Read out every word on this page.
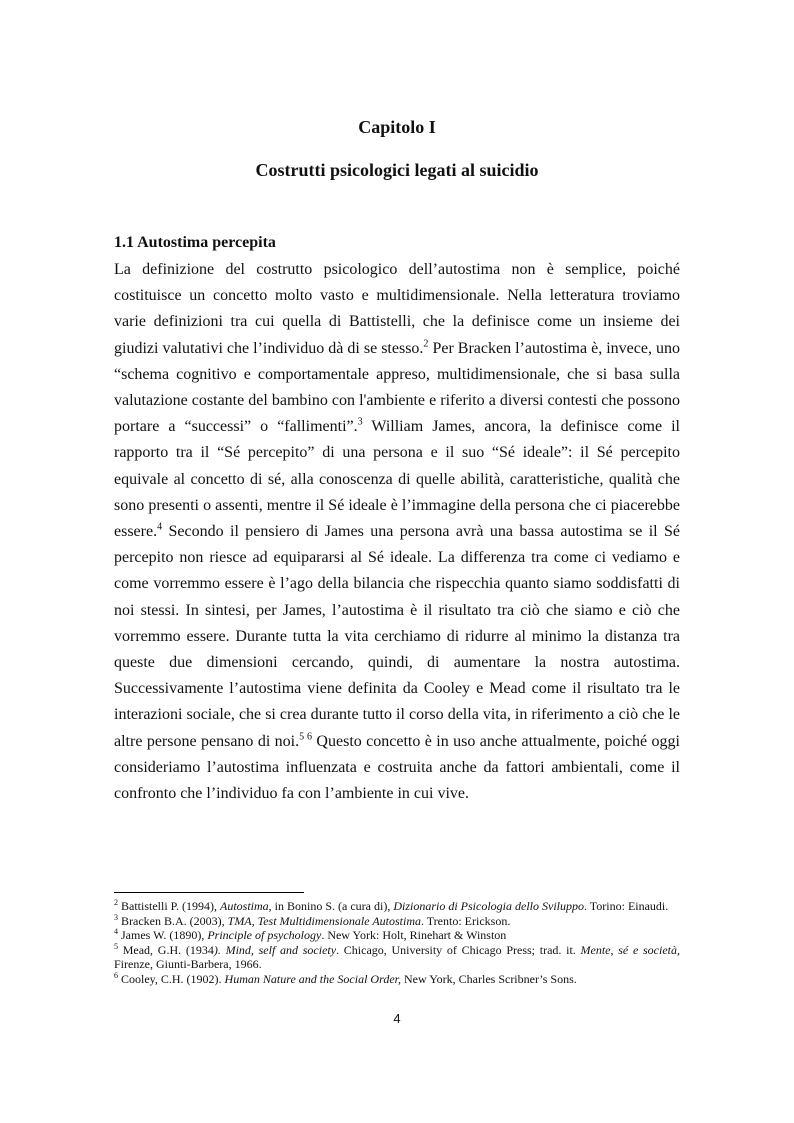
Capitolo I
Costrutti psicologici legati al suicidio
1.1 Autostima percepita

La definizione del costrutto psicologico dell’autostima non è semplice, poiché costituisce un concetto molto vasto e multidimensionale. Nella letteratura troviamo varie definizioni tra cui quella di Battistelli, che la definisce come un insieme dei giudizi valutativi che l’individuo dà di se stesso.$^2$ Per Bracken l’autostima è, invece, uno “schema cognitivo e comportamentale appreso, multidimensionale, che si basa sulla valutazione costante del bambino con l'ambiente e riferito a diversi contesti che possono portare a “successi” o “fallimenti”.$^3$ William James, ancora, la definisce come il rapporto tra il “Sé percepito” di una persona e il suo “Sé ideale”: il Sé percepito equivale al concetto di sé, alla conoscenza di quelle abilità, caratteristiche, qualità che sono presenti o assenti, mentre il Sé ideale è l’immagine della persona che ci piacerebbe essere.$^4$ Secondo il pensiero di James una persona avrà una bassa autostima se il Sé percepito non riesce ad equipararsi al Sé ideale. La differenza tra come ci vediamo e come vorremmo essere è l’ago della bilancia che rispecchia quanto siamo soddisfatti di noi stessi. In sintesi, per James, l’autostima è il risultato tra ciò che siamo e ciò che vorremmo essere. Durante tutta la vita cerchiamo di ridurre al minimo la distanza tra queste due dimensioni cercando, quindi, di aumentare la nostra autostima. Successivamente l’autostima viene definita da Cooley e Mead come il risultato tra le interazioni sociale, che si crea durante tutto il corso della vita, in riferimento a ciò che le altre persone pensano di noi.$^{5 6}$ Questo concetto è in uso anche attualmente, poiché oggi consideriamo l’autostima influenzata e costruita anche da fattori ambientali, come il confronto che l’individuo fa con l’ambiente in cui vive.

$^2$ Battistelli P. (1994), Autostima, in Bonino S. (a cura di), Dizionario di Psicologia dello Sviluppo. Torino: Einaudi.

$^3$ Bracken B.A. (2003), TMA, Test Multidimensionale Autostima. Trento: Erickson.

$^4$ James W. (1890), Principle of psychology. New York: Holt, Rinehart & Winston

$^5$ Mead, G.H. (1934). Mind, self and society. Chicago, University of Chicago Press; trad. it. Mente, sé e società, Firenze, Giunti-Barbera, 1966.

$^6$ Cooley, C.H. (1902). Human Nature and the Social Order, New York, Charles Scribner’s Sons.

4
